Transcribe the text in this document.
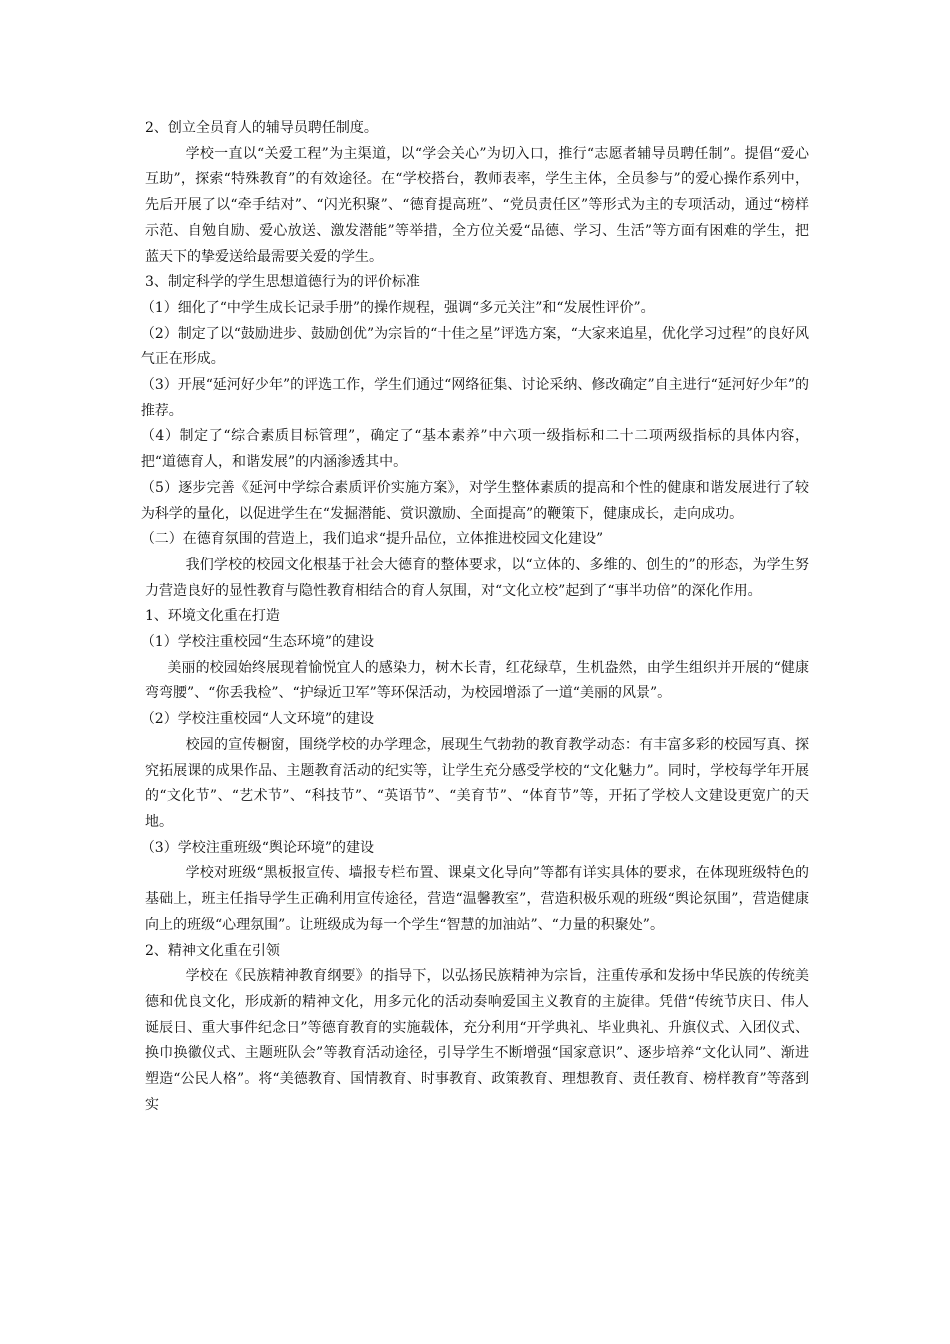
2、创立全员育人的辅导员聘任制度。

学校一直以“关爱工程”为主渠道，以“学会关心”为切入口，推行“志愿者辅导员聘任制”。提倡“爱心互助”，探索“特殊教育”的有效途径。在“学校搭台，教师表率，学生主体，全员参与”的爱心操作系列中，先后开展了以“牵手结对”、“闪光积聚”、“德育提高班”、“党员责任区”等形式为主的专项活动，通过“榜样示范、自勉自励、爱心放送、激发潜能”等举措，全方位关爱“品德、学习、生活”等方面有困难的学生，把蓝天下的挚爱送给最需要关爱的学生。

3、制定科学的学生思想道德行为的评价标准

（1）细化了“中学生成长记录手册”的操作规程，强调“多元关注”和“发展性评价”。

（2）制定了以“鼓励进步、鼓励创优”为宗旨的“十佳之星”评选方案，“大家来追星，优化学习过程”的良好风气正在形成。

（3）开展“延河好少年”的评选工作，学生们通过“网络征集、讨论采纳、修改确定”自主进行“延河好少年”的推荐。

（4）制定了“综合素质目标管理”，确定了“基本素养”中六项一级指标和二十二项两级指标的具体内容，把“道德育人，和谐发展”的内涵渗透其中。

（5）逐步完善《延河中学综合素质评价实施方案》，对学生整体素质的提高和个性的健康和谐发展进行了较为科学的量化，以促进学生在“发掘潜能、赏识激励、全面提高”的鞭策下，健康成长，走向成功。

（二）在德育氛围的营造上，我们追求“提升品位，立体推进校园文化建设”

我们学校的校园文化根基于社会大德育的整体要求，以“立体的、多维的、创生的”的形态，为学生努力营造良好的显性教育与隐性教育相结合的育人氛围，对“文化立校”起到了“事半功倍”的深化作用。

1、环境文化重在打造

（1）学校注重校园“生态环境”的建设

美丽的校园始终展现着愉悦宜人的感染力，树木长青，红花绿草，生机盎然，由学生组织并开展的“健康弯弯腰”、“你丢我检”、“护绿近卫军”等环保活动，为校园增添了一道“美丽的风景”。

（2）学校注重校园“人文环境”的建设

校园的宣传橱窗，围绕学校的办学理念，展现生气勃勃的教育教学动态：有丰富多彩的校园写真、探究拓展课的成果作品、主题教育活动的纪实等，让学生充分感受学校的“文化魅力”。同时，学校每学年开展的“文化节”、“艺术节”、“科技节”、“英语节”、“美育节”、“体育节”等，开拓了学校人文建设更宽广的天地。

（3）学校注重班级“舆论环境”的建设

学校对班级“黑板报宣传、墙报专栏布置、课桌文化导向”等都有详实具体的要求，在体现班级特色的基础上，班主任指导学生正确利用宣传途径，营造“温馨教室”，营造积极乐观的班级“舆论氛围”，营造健康向上的班级“心理氛围”。让班级成为每一个学生“智慧的加油站”、“力量的积聚处”。

2、精神文化重在引领

学校在《民族精神教育纲要》的指导下，以弘扬民族精神为宗旨，注重传承和发扬中华民族的传统美德和优良文化，形成新的精神文化，用多元化的活动奏响爱国主义教育的主旋律。凭借“传统节庆日、伟人诞辰日、重大事件纪念日”等德育教育的实施载体，充分利用“开学典礼、毕业典礼、升旗仪式、入团仪式、换巾换徽仪式、主题班队会”等教育活动途径，引导学生不断增强“国家意识”、逐步培养“文化认同”、渐进塑造“公民人格”。将“美德教育、国情教育、时事教育、政策教育、理想教育、责任教育、榜样教育”等落到实
